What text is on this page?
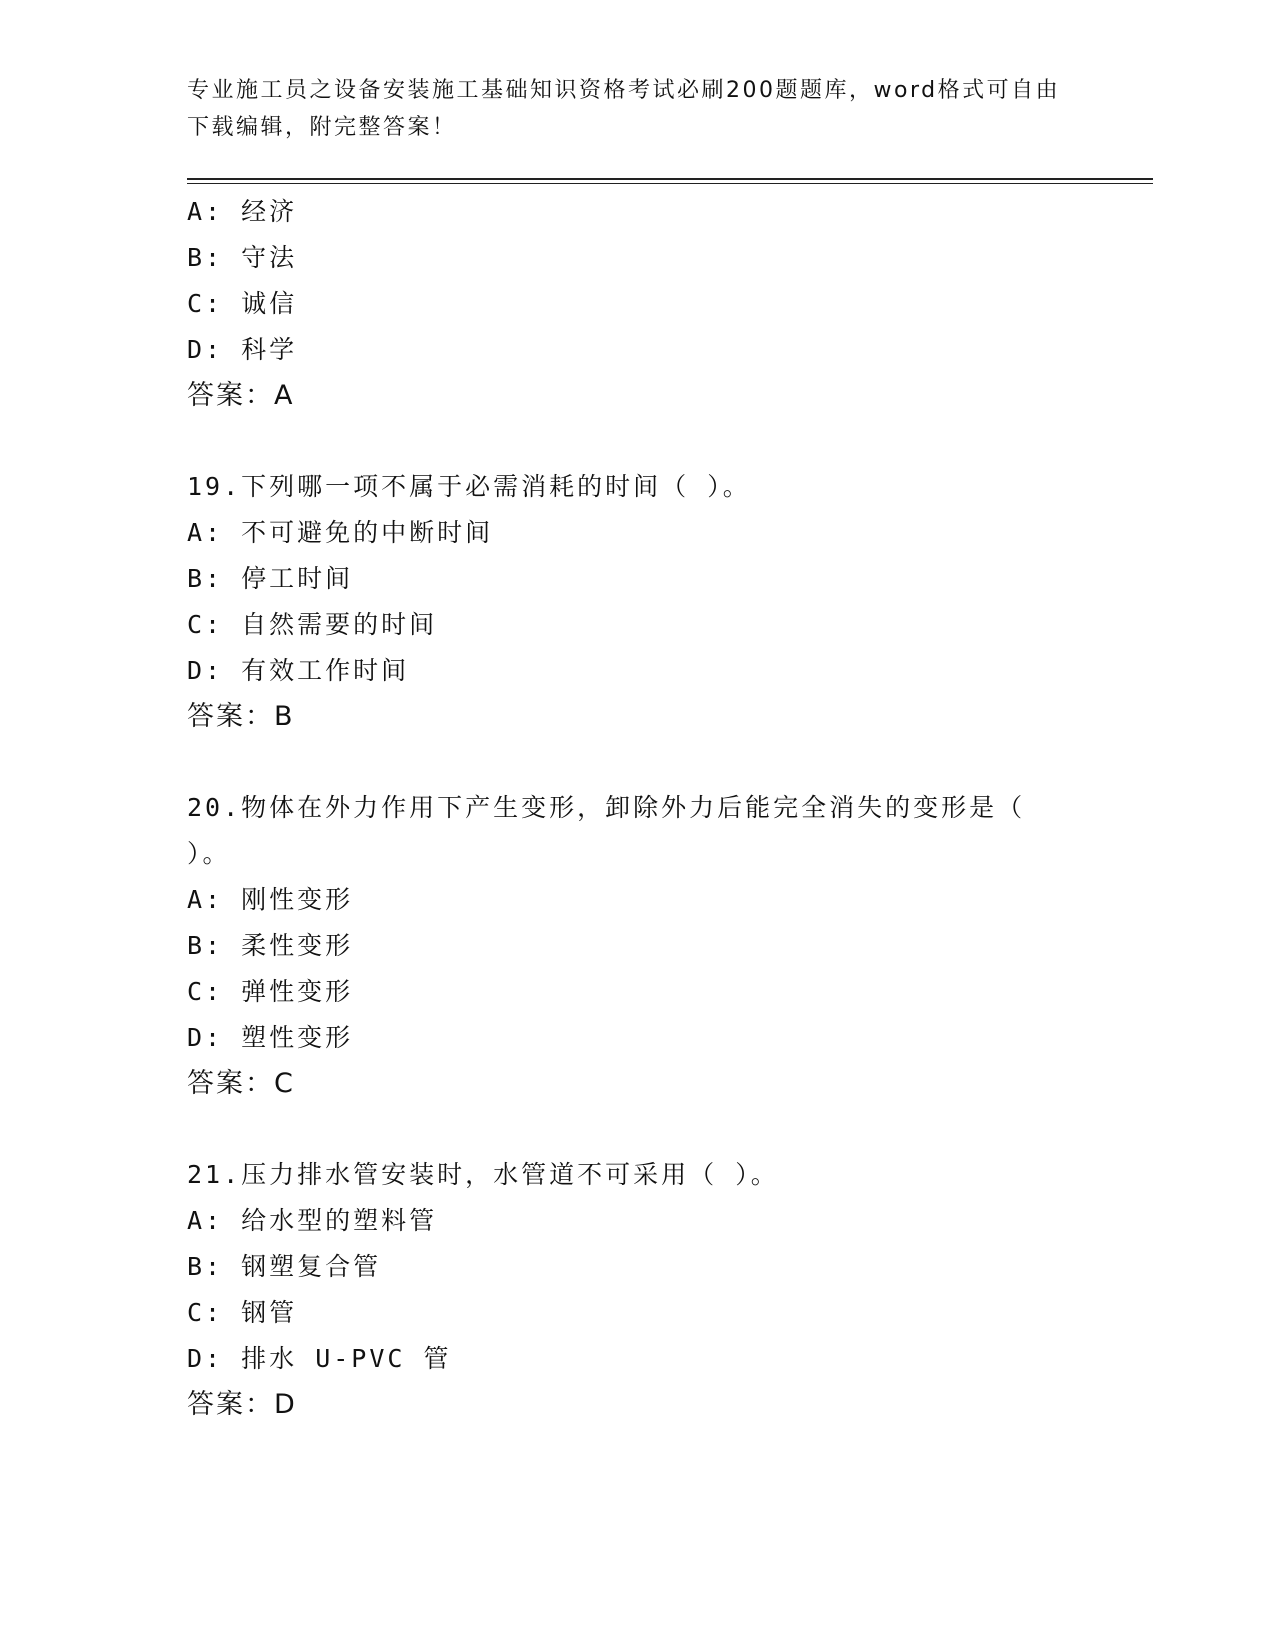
专业施工员之设备安装施工基础知识资格考试必刷200题题库，word格式可自由
下载编辑，附完整答案！
A: 经济
B: 守法
C: 诚信
D: 科学
答案：A
19.下列哪一项不属于必需消耗的时间（ ）。
A: 不可避免的中断时间
B: 停工时间
C: 自然需要的时间
D: 有效工作时间
答案：B
20.物体在外力作用下产生变形，卸除外力后能完全消失的变形是（
）。
A: 刚性变形
B: 柔性变形
C: 弹性变形
D: 塑性变形
答案：C
21.压力排水管安装时，水管道不可采用（ ）。
A: 给水型的塑料管
B: 钢塑复合管
C: 钢管
D: 排水 U-PVC 管
答案：D
